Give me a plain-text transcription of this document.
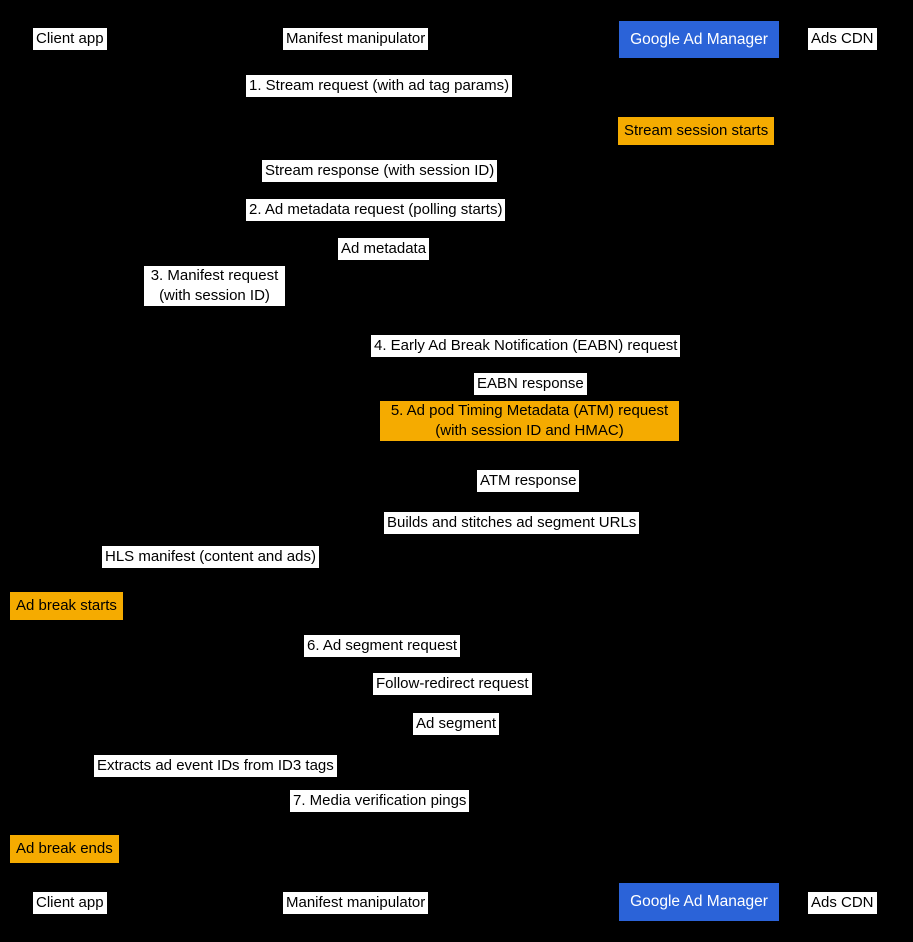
Client app	Manifest manipulator	Google Ad Manager	Ads CDN
1. Stream request (with ad tag params)
Stream session starts
Stream response (with session ID)
2. Ad metadata request (polling starts)
Ad metadata
3. Manifest request
(with session ID)
4. Early Ad Break Notification (EABN) request
EABN response
5. Ad pod Timing Metadata (ATM) request
(with session ID and HMAC)
ATM response
Builds and stitches ad segment URLs
HLS manifest (content and ads)
Ad break starts
6. Ad segment request
Follow-redirect request
Ad segment
Extracts ad event IDs from ID3 tags
7. Media verification pings
Ad break ends
Client app	Manifest manipulator	Google Ad Manager	Ads CDN
